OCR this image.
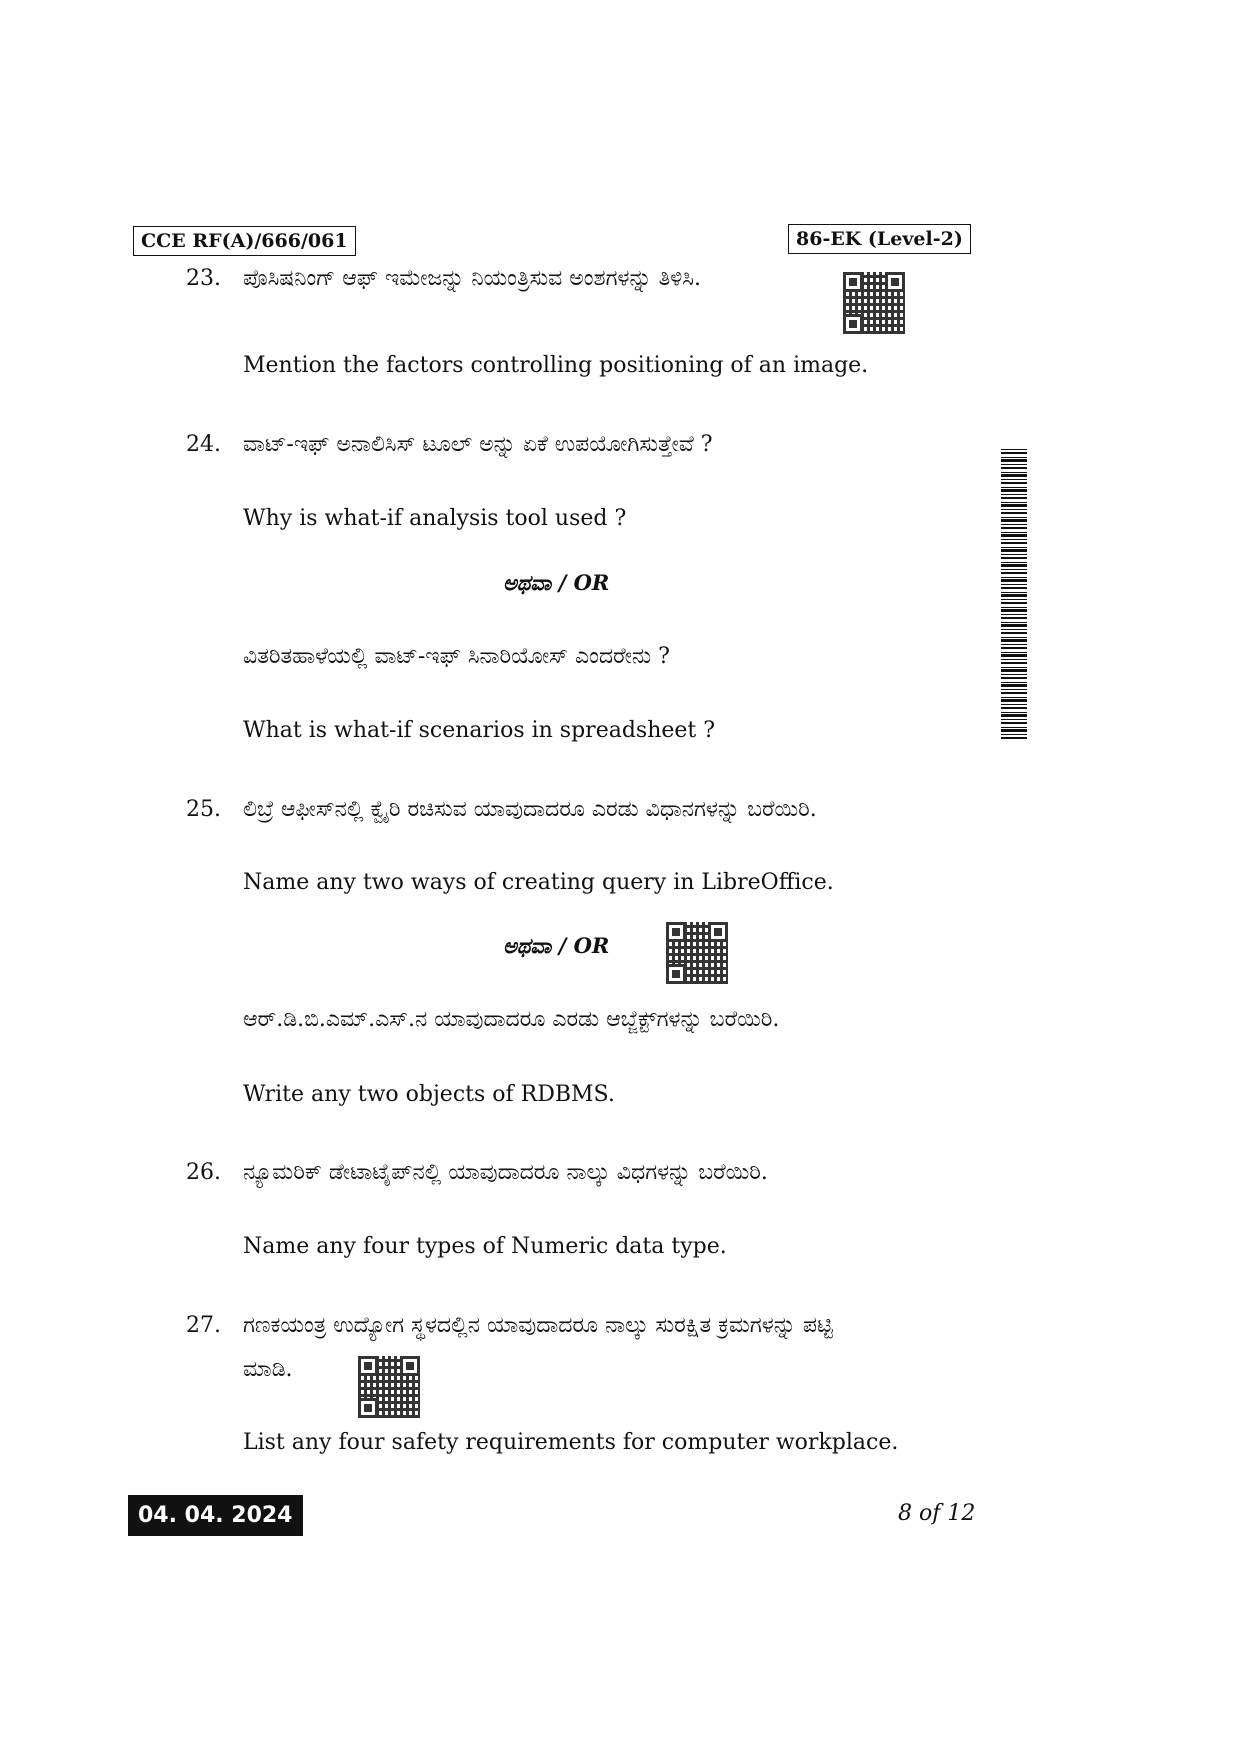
CCE RF(A)/666/061	86-EK (Level-2)
23.	ಪೊಸಿಷನಿಂಗ್ ಆಫ್ ಇಮೇಜನ್ನು ನಿಯಂತ್ರಿಸುವ ಅಂಶಗಳನ್ನು ತಿಳಿಸಿ.
Mention the factors controlling positioning of an image.
24.	ವಾಟ್-ಇಫ್ ಅನಾಲಿಸಿಸ್ ಟೂಲ್ ಅನ್ನು ಏಕೆ ಉಪಯೋಗಿಸುತ್ತೇವೆ ?
Why is what-if analysis tool used ?
ಅಥವಾ / OR
ವಿತರಿತಹಾಳೆಯಲ್ಲಿ ವಾಟ್-ಇಫ್ ಸಿನಾರಿಯೋಸ್ ಎಂದರೇನು ?
What is what-if scenarios in spreadsheet ?
25.	ಲಿಬ್ರೆ ಆಫೀಸ್‌ನಲ್ಲಿ ಕ್ವೈರಿ ರಚಿಸುವ ಯಾವುದಾದರೂ ಎರಡು ವಿಧಾನಗಳನ್ನು ಬರೆಯಿರಿ.
Name any two ways of creating query in LibreOffice.
ಅಥವಾ / OR
ಆರ್.ಡಿ.ಬಿ.ಎಮ್.ಎಸ್.ನ ಯಾವುದಾದರೂ ಎರಡು ಆಬ್ಜೆಕ್ಟ್‌ಗಳನ್ನು ಬರೆಯಿರಿ.
Write any two objects of RDBMS.
26.	ನ್ಯೂಮರಿಕ್ ಡೇಟಾಟೈಪ್‌ನಲ್ಲಿ ಯಾವುದಾದರೂ ನಾಲ್ಕು ವಿಧಗಳನ್ನು ಬರೆಯಿರಿ.
Name any four types of Numeric data type.
27.	ಗಣಕಯಂತ್ರ ಉದ್ಯೋಗ ಸ್ಥಳದಲ್ಲಿನ ಯಾವುದಾದರೂ ನಾಲ್ಕು ಸುರಕ್ಷಿತ ಕ್ರಮಗಳನ್ನು ಪಟ್ಟಿ
ಮಾಡಿ.
List any four safety requirements for computer workplace.
04. 04. 2024	8 of 12
